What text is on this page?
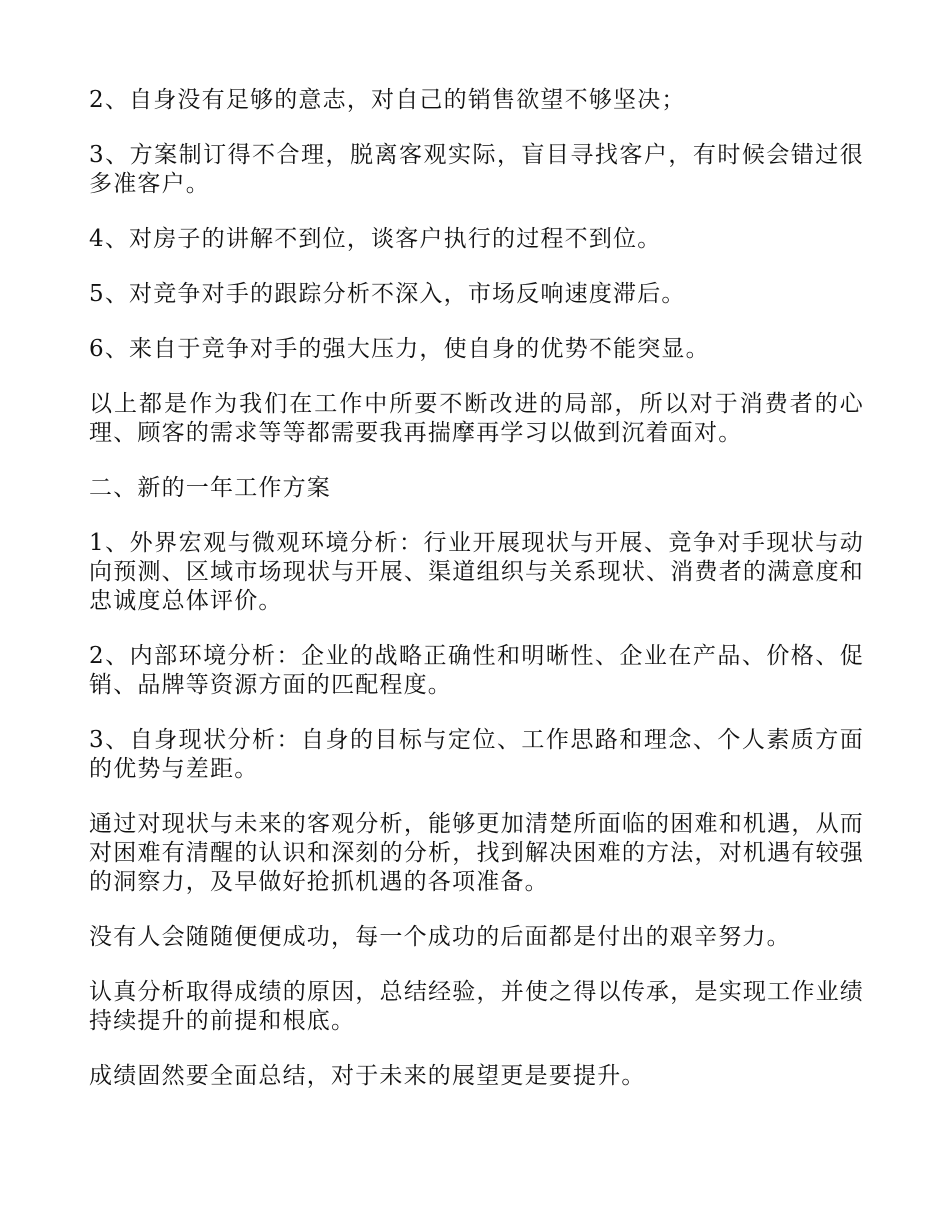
2、自身没有足够的意志，对自己的销售欲望不够坚决；

3、方案制订得不合理，脱离客观实际，盲目寻找客户，有时候会错过很多准客户。

4、对房子的讲解不到位，谈客户执行的过程不到位。

5、对竞争对手的跟踪分析不深入，市场反响速度滞后。

6、来自于竞争对手的强大压力，使自身的优势不能突显。

以上都是作为我们在工作中所要不断改进的局部，所以对于消费者的心理、顾客的需求等等都需要我再揣摩再学习以做到沉着面对。

二、新的一年工作方案

1、外界宏观与微观环境分析：行业开展现状与开展、竞争对手现状与动向预测、区域市场现状与开展、渠道组织与关系现状、消费者的满意度和忠诚度总体评价。

2、内部环境分析：企业的战略正确性和明晰性、企业在产品、价格、促销、品牌等资源方面的匹配程度。

3、自身现状分析：自身的目标与定位、工作思路和理念、个人素质方面的优势与差距。

通过对现状与未来的客观分析，能够更加清楚所面临的困难和机遇，从而对困难有清醒的认识和深刻的分析，找到解决困难的方法，对机遇有较强的洞察力，及早做好抢抓机遇的各项准备。

没有人会随随便便成功，每一个成功的后面都是付出的艰辛努力。

认真分析取得成绩的原因，总结经验，并使之得以传承，是实现工作业绩持续提升的前提和根底。

成绩固然要全面总结，对于未来的展望更是要提升。
